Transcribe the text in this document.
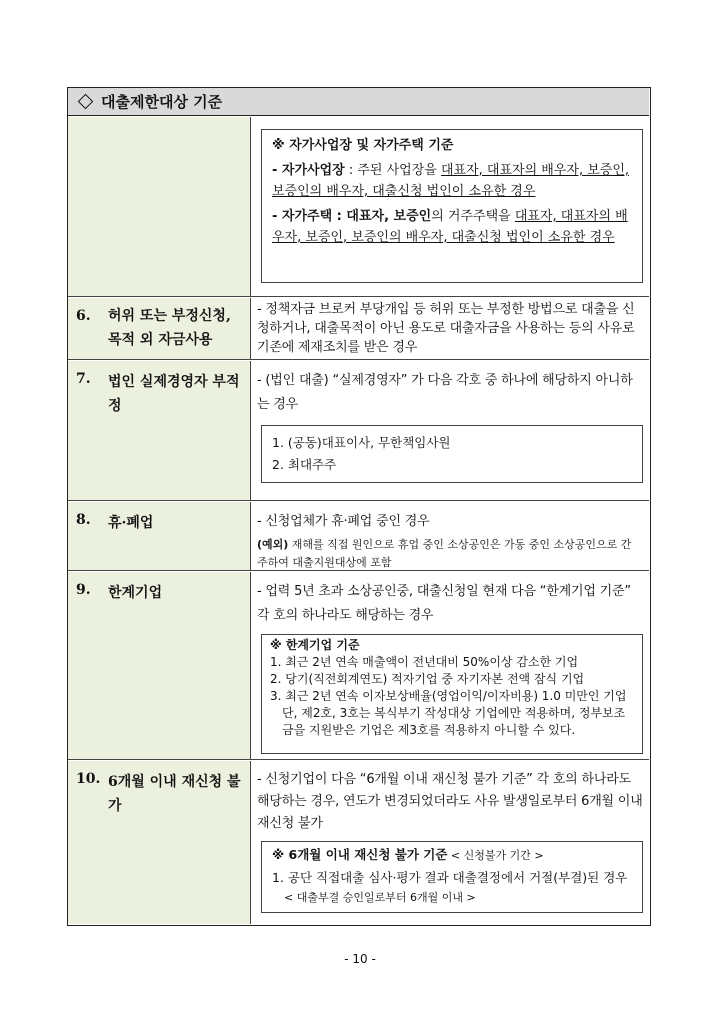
대출제한대상 기준
※ 자가사업장 및 자가주택 기준
- 자가사업장 : 주된 사업장을 대표자, 대표자의 배우자, 보증인, 보증인의 배우자, 대출신청 법인이 소유한 경우
- 자가주택 : 대표자, 보증인의 거주주택을 대표자, 대표자의 배우자, 보증인, 보증인의 배우자, 대출신청 법인이 소유한 경우
6. 허위 또는 부정신청, 목적 외 자금사용
- 정책자금 브로커 부당개입 등 허위 또는 부정한 방법으로 대출을 신청하거나, 대출목적이 아닌 용도로 대출자금을 사용하는 등의 사유로 기존에 제재조치를 받은 경우
7. 법인 실제경영자 부적정
- (법인 대출) “실제경영자” 가 다음 각호 중 하나에 해당하지 아니하는 경우
1. (공동)대표이사, 무한책임사원
2. 최대주주
8. 휴·폐업	- 신청업체가 휴·폐업 중인 경우
(예외) 재해를 직접 원인으로 휴업 중인 소상공인은 가동 중인 소상공인으로 간주하여 대출지원대상에 포함
9. 한계기업	- 업력 5년 초과 소상공인중, 대출신청일 현재 다음 “한계기업 기준” 각 호의 하나라도 해당하는 경우
※ 한계기업 기준
1. 최근 2년 연속 매출액이 전년대비 50%이상 감소한 기업
2. 당기(직전회계연도) 적자기업 중 자기자본 전액 잠식 기업
3. 최근 2년 연속 이자보상배율(영업이익/이자비용) 1.0 미만인 기업
단, 제2호, 3호는 복식부기 작성대상 기업에만 적용하며, 정부보조금을 지원받은 기업은 제3호를 적용하지 아니할 수 있다.
10. 6개월 이내 재신청 불가
- 신청기업이 다음 “6개월 이내 재신청 불가 기준” 각 호의 하나라도 해당하는 경우, 연도가 변경되었더라도 사유 발생일로부터 6개월 이내 재신청 불가
※ 6개월 이내 재신청 불가 기준 < 신청불가 기간 >
1. 공단 직접대출 심사·평가 결과 대출결정에서 거절(부결)된 경우
< 대출부결 승인일로부터 6개월 이내 >
- 10 -
